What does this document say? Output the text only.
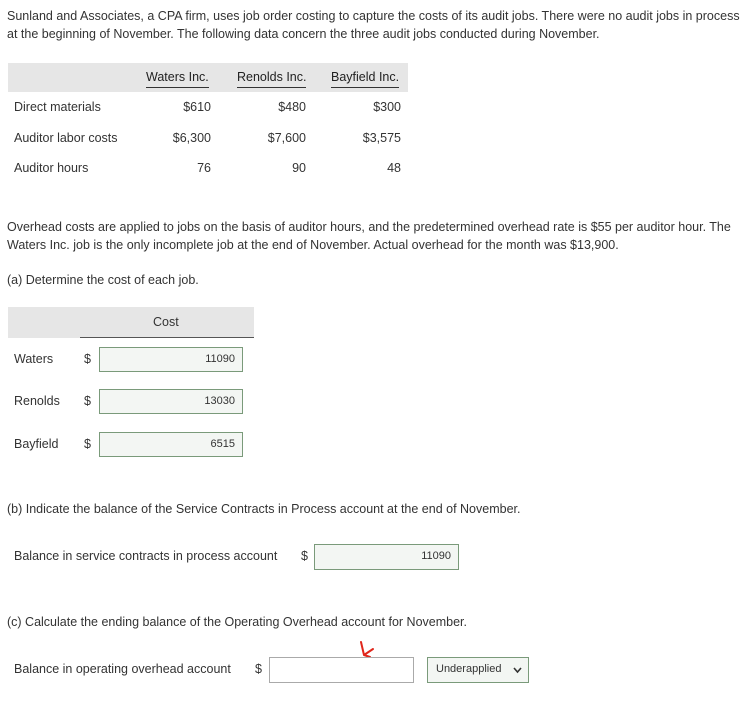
Sunland and Associates, a CPA firm, uses job order costing to capture the costs of its audit jobs. There were no audit jobs in process at the beginning of November. The following data concern the three audit jobs conducted during November.
Waters Inc. Renolds Inc. Bayfield Inc.
Direct materials	$610	$480	$300
Auditor labor costs	$6,300	$7,600	$3,575
Auditor hours	76	90	48
Overhead costs are applied to jobs on the basis of auditor hours, and the predetermined overhead rate is $55 per auditor hour. The Waters Inc. job is the only incomplete job at the end of November. Actual overhead for the month was $13,900.
(a) Determine the cost of each job.
Cost
Waters $	11090
Renolds $	13030
Bayfield $	6515
(b) Indicate the balance of the Service Contracts in Process account at the end of November.
Balance in service contracts in process account $	11090
(c) Calculate the ending balance of the Operating Overhead account for November.
Balance in operating overhead account $	Underapplied
